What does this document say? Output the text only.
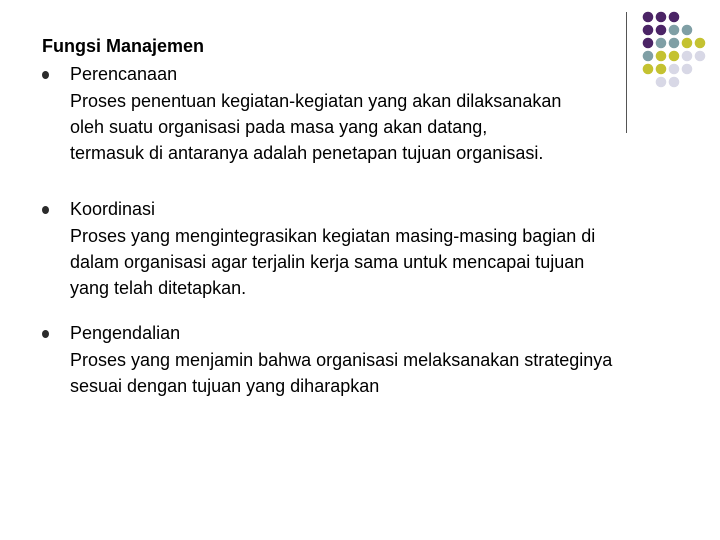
Fungsi Manajemen
Perencanaan
Proses penentuan kegiatan-kegiatan yang akan dilaksanakan
oleh suatu organisasi pada masa yang akan datang,
termasuk di antaranya adalah penetapan tujuan organisasi.
Koordinasi
Proses yang mengintegrasikan kegiatan masing-masing bagian di
dalam organisasi agar terjalin kerja sama untuk mencapai tujuan
yang telah ditetapkan.
Pengendalian
Proses yang menjamin bahwa organisasi melaksanakan strateginya
sesuai dengan tujuan yang diharapkan
